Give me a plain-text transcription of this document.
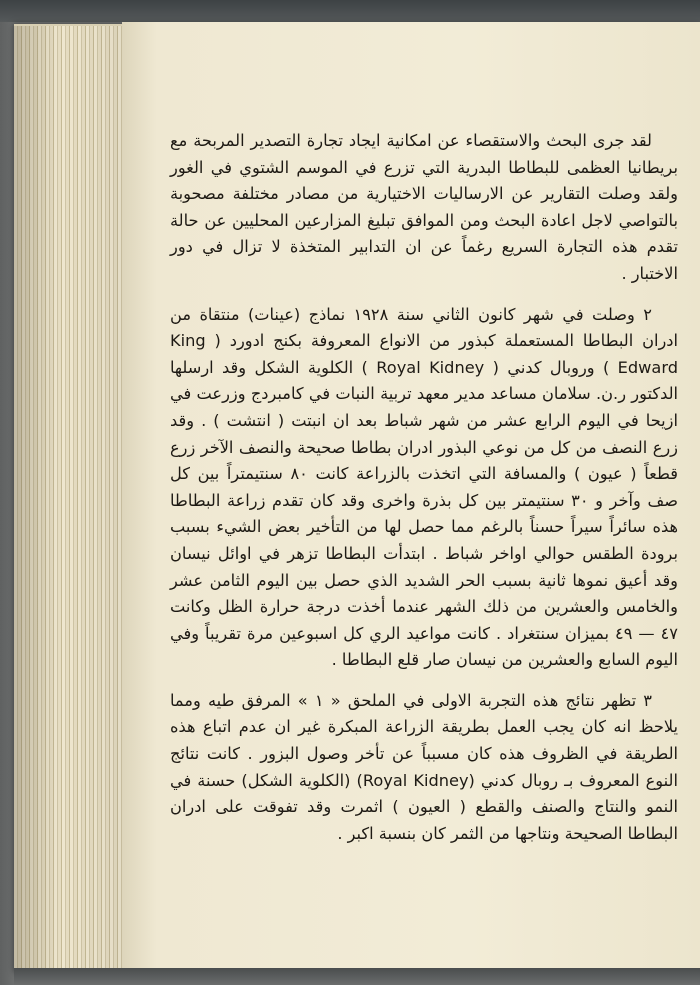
لقد جرى البحث والاستقصاء عن امكانية ايجاد تجارة التصدير المربحة مع بريطانيا العظمى للبطاطا البدرية التي تزرع في الموسم الشتوي في الغور ولقد وصلت التقارير عن الارساليات الاختيارية من مصادر مختلفة مصحوبة بالتواصي لاجل اعادة البحث ومن الموافق تبليغ المزارعين المحليين عن حالة تقدم هذه التجارة السريع رغماً عن ان التدابير المتخذة لا تزال في دور الاختبار .

٢ وصلت في شهر كانون الثاني سنة ١٩٢٨ نماذج (عينات) منتقاة من ادران البطاطا المستعملة كبذور من الانواع المعروفة بكنج ادورد ( King Edward ) وروبال كدني ( Royal Kidney ) الكلوية الشكل وقد ارسلها الدكتور ر.ن. سلامان مساعد مدير معهد تربية النبات في كامبردج وزرعت في ازيحا في اليوم الرابع عشر من شهر شباط بعد ان انبتت ( انتشت ) . وقد زرع النصف من كل من نوعي البذور ادران بطاطا صحيحة والنصف الآخر زرع قطعاً ( عيون ) والمسافة التي اتخذت بالزراعة كانت ٨٠ سنتيمتراً بين كل صف وآخر و ٣٠ سنتيمتر بين كل بذرة واخرى وقد كان تقدم زراعة البطاطا هذه سائراً سيراً حسناً بالرغم مما حصل لها من التأخير بعض الشيء بسبب برودة الطقس حوالي اواخر شباط . ابتدأت البطاطا تزهر في اوائل نيسان وقد أعيق نموها ثانية بسبب الحر الشديد الذي حصل بين اليوم الثامن عشر والخامس والعشرين من ذلك الشهر عندما أخذت درجة حرارة الظل وكانت ٤٧ — ٤٩ بميزان سنتغراد . كانت مواعيد الري كل اسبوعين مرة تقريباً وفي اليوم السابع والعشرين من نيسان صار قلع البطاطا .

٣ تظهر نتائج هذه التجربة الاولى في الملحق « ١ » المرفق طيه ومما يلاحظ انه كان يجب العمل بطريقة الزراعة المبكرة غير ان عدم اتباع هذه الطريقة في الظروف هذه كان مسبباً عن تأخر وصول البزور . كانت نتائج النوع المعروف بـ روبال كدني (Royal Kidney) (الكلوية الشكل) حسنة في النمو والنتاج والصنف والقطع ( العيون ) اثمرت وقد تفوقت على ادران البطاطا الصحيحة ونتاجها من الثمر كان بنسبة اكبر .
